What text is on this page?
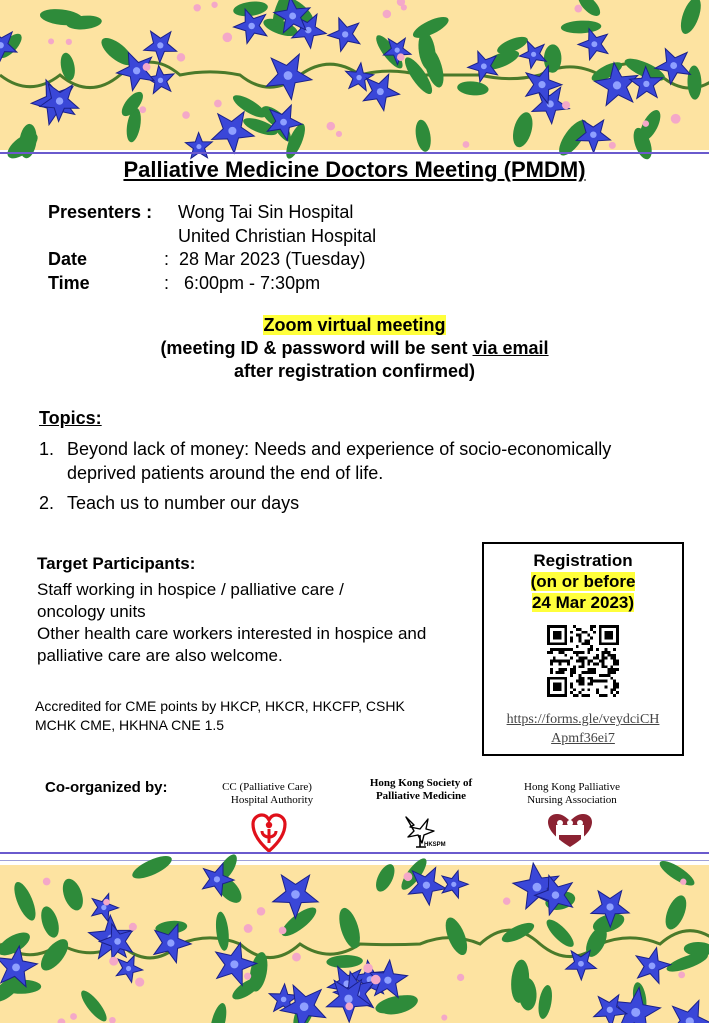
Palliative Medicine Doctors Meeting (PMDM)
Presenters : Wong Tai Sin Hospital
United Christian Hospital
Date	:  28 Mar 2023 (Tuesday)
Time	:   6:00pm - 7:30pm
Zoom virtual meeting
(meeting ID & password will be sent via email
after registration confirmed)
Topics:
1. Beyond lack of money: Needs and experience of socio-economically deprived patients around the end of life.
2. Teach us to number our days
Target Participants:
Staff working in hospice / palliative care / oncology units
Other health care workers interested in hospice and palliative care are also welcome.
Accredited for CME points by HKCP, HKCR, HKCFP, CSHK
MCHK CME, HKHNA CNE 1.5
Registration
(on or before
24 Mar 2023)
https://forms.gle/veydciCH
Apmf36ei7
Co-organized by:	CC (Palliative Care)
Hospital Authority
Hong Kong Society of
Palliative Medicine
HKSPM
Hong Kong Palliative
Nursing Association
